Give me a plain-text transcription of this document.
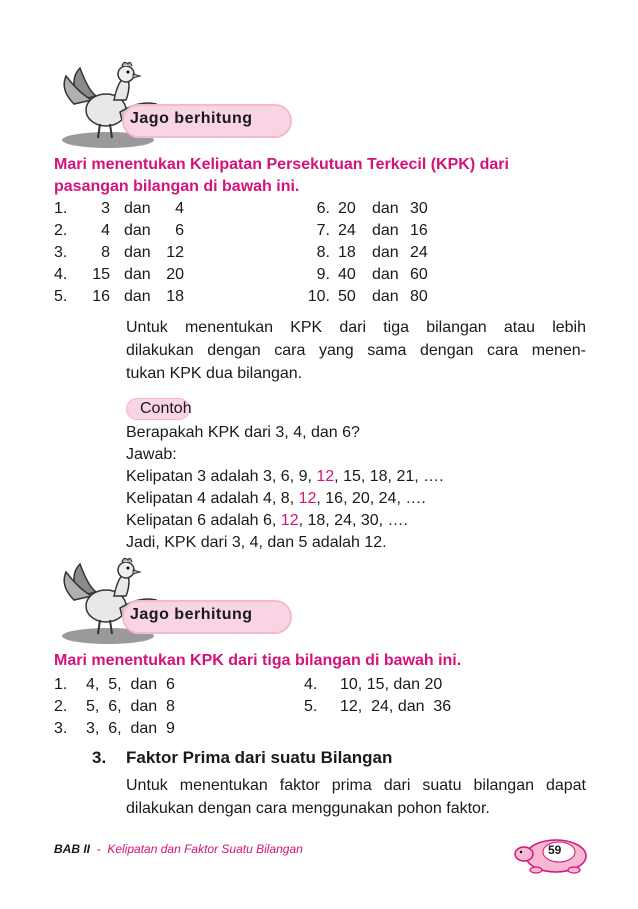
Jago berhitung
Mari menentukan Kelipatan Persekutuan Terkecil (KPK) dari
pasangan bilangan di bawah ini.
1.	3 dan	4
2.	4 dan	6
3.	8 dan 12
4.	15 dan 20
5.	16 dan 18
6. 20 dan 30
7. 24 dan 16
8. 18 dan 24
9. 40 dan 60
10. 50 dan 80
Untuk menentukan KPK dari tiga bilangan atau lebih
dilakukan dengan cara yang sama dengan cara menen-
tukan KPK dua bilangan.
Contoh
Berapakah KPK dari 3, 4, dan 6?
Jawab:
Kelipatan 3 adalah 3, 6, 9, 12, 15, 18, 21, ….
Kelipatan 4 adalah 4, 8, 12, 16, 20, 24, ….
Kelipatan 6 adalah 6, 12, 18, 24, 30, ….
Jadi, KPK dari 3, 4, dan 5 adalah 12.
Jago berhitung
Mari menentukan KPK dari tiga bilangan di bawah ini.
1. 4,  5,  dan  6
2. 5,  6,  dan  8
3. 3,  6,  dan  9
4. 10, 15, dan 20
5. 12,  24, dan  36
3. Faktor Prima dari suatu Bilangan
Untuk menentukan faktor prima dari suatu bilangan dapat
dilakukan dengan cara menggunakan pohon faktor.
BAB II  -  Kelipatan dan Faktor Suatu Bilangan	59
